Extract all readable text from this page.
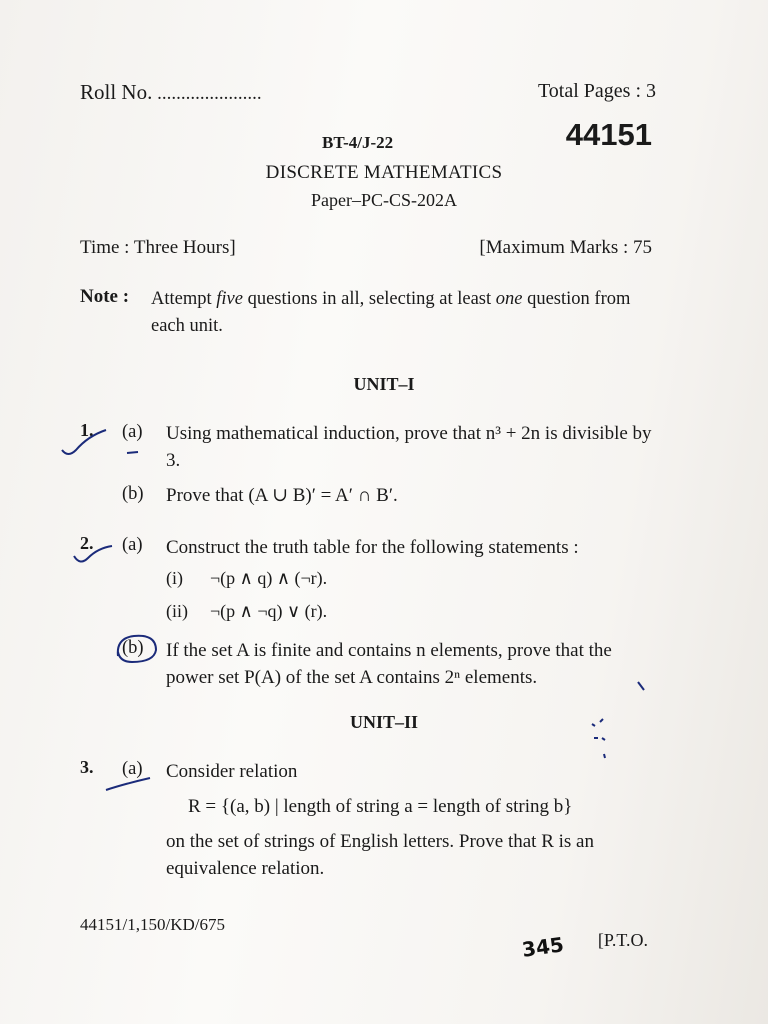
Roll No. ......................	Total Pages : 3
BT-4/J-22	44151
DISCRETE MATHEMATICS
Paper–PC-CS-202A
Time : Three Hours]	[Maximum Marks : 75
Note : Attempt five questions in all, selecting at least one question from each unit.
UNIT–I
1. (a) Using mathematical induction, prove that n³ + 2n is divisible by 3.
(b) Prove that (A ∪ B)′ = A′ ∩ B′.
2. (a) Construct the truth table for the following statements :
(i) ¬(p ∧ q) ∧ (¬r).
(ii) ¬(p ∧ ¬q) ∨ (r).
(b) If the set A is finite and contains n elements, prove that the power set P(A) of the set A contains 2ⁿ elements.
UNIT–II
3. (a) Consider relation
R = {(a, b) | length of string a = length of string b}
on the set of strings of English letters. Prove that R is an equivalence relation.
44151/1,150/KD/675
345 [P.T.O.
